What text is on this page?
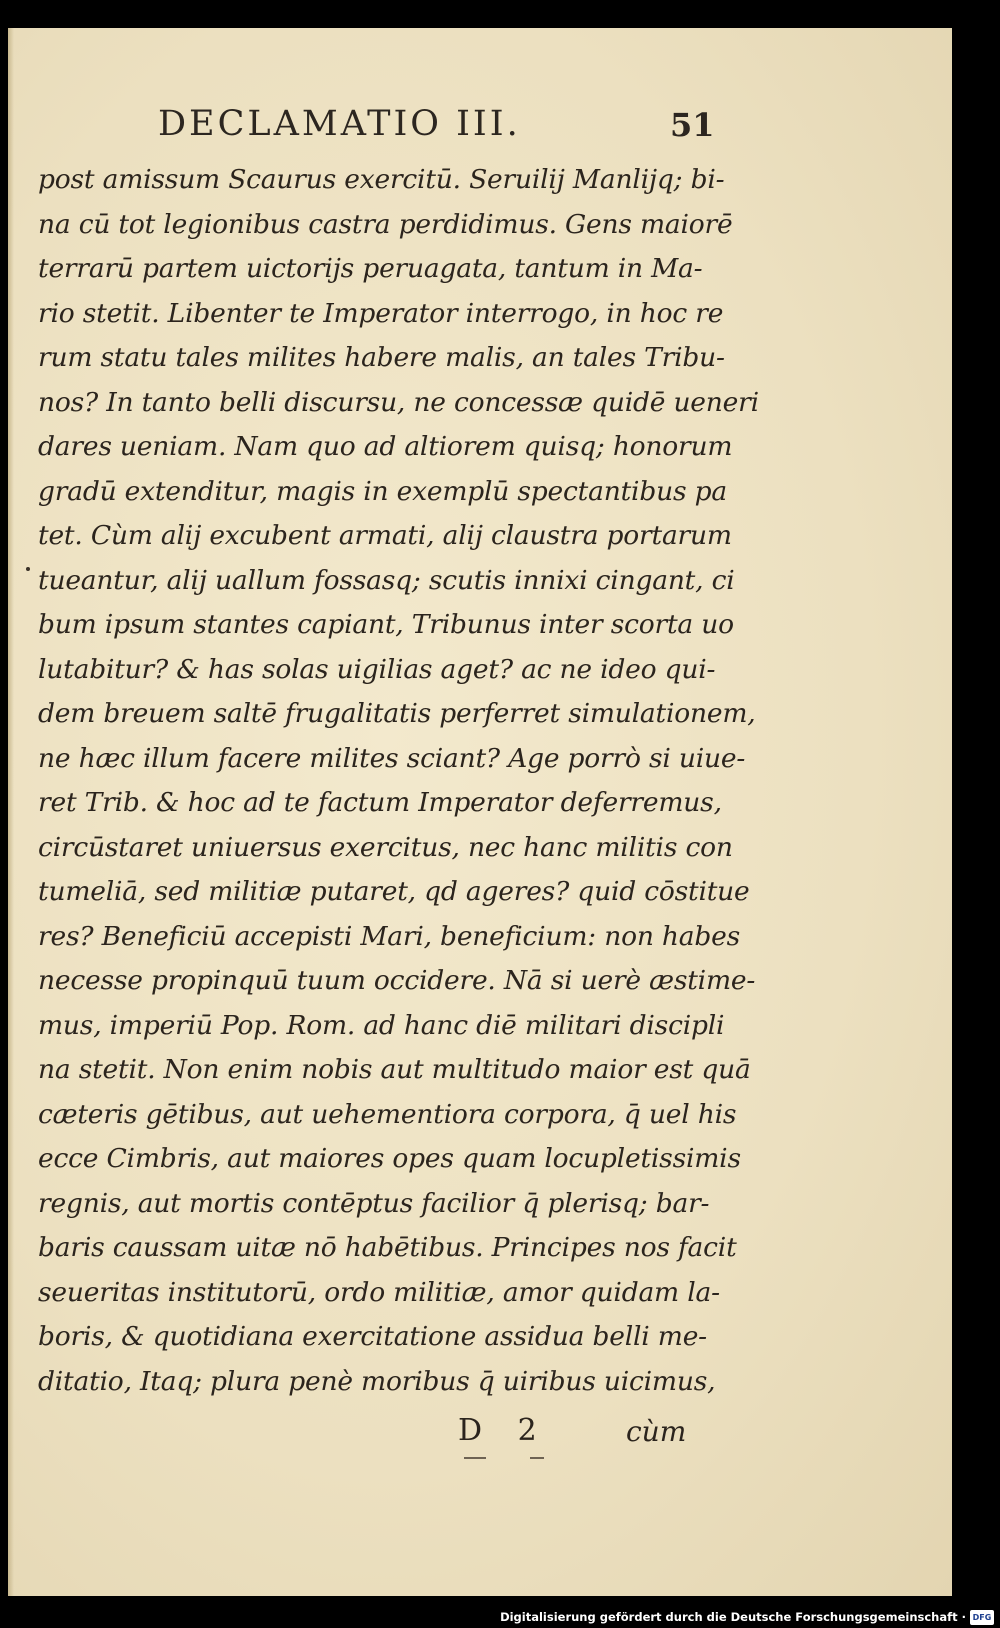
DECLAMATIO III.	51
post amissum Scaurus exercitū. Seruilij Manlijq; bi-
na cū tot legionibus castra perdidimus. Gens maiorē
terrarū partem uictorijs peruagata, tantum in Ma-
rio stetit. Libenter te Imperator interrogo, in hoc re
rum statu tales milites habere malis, an tales Tribu-
nos? In tanto belli discursu, ne concessæ quidē ueneri
dares ueniam. Nam quo ad altiorem quisq; honorum
gradū extenditur, magis in exemplū spectantibus pa
tet. Cùm alij excubent armati, alij claustra portarum
tueantur, alij uallum fossasq; scutis innixi cingant, ci
bum ipsum stantes capiant, Tribunus inter scorta uo
lutabitur? & has solas uigilias aget? ac ne ideo qui-
dem breuem saltē frugalitatis perferret simulationem,
ne hæc illum facere milites sciant? Age porrò si uiue-
ret Trib. & hoc ad te factum Imperator deferremus,
circūstaret uniuersus exercitus, nec hanc militis con
tumeliā, sed militiæ putaret, qd ageres? quid cōstitue
res? Beneficiū accepisti Mari, beneficium: non habes
necesse propinquū tuum occidere. Nā si uerè æstime-
mus, imperiū Pop. Rom. ad hanc diē militari discipli
na stetit. Non enim nobis aut multitudo maior est quā
cæteris gētibus, aut uehementiora corpora, q̄ uel his
ecce Cimbris, aut maiores opes quam locupletissimis
regnis, aut mortis contēptus facilior q̄ plerisq; bar-
baris caussam uitæ nō habētibus. Principes nos facit
seueritas institutorū, ordo militiæ, amor quidam la-
boris, & quotidiana exercitatione assidua belli me-
ditatio, Itaq; plura penè moribus q̄ uiribus uicimus,
D 2	cùm
Digitalisierung gefördert durch die Deutsche Forschungsgemeinschaft · DFG
